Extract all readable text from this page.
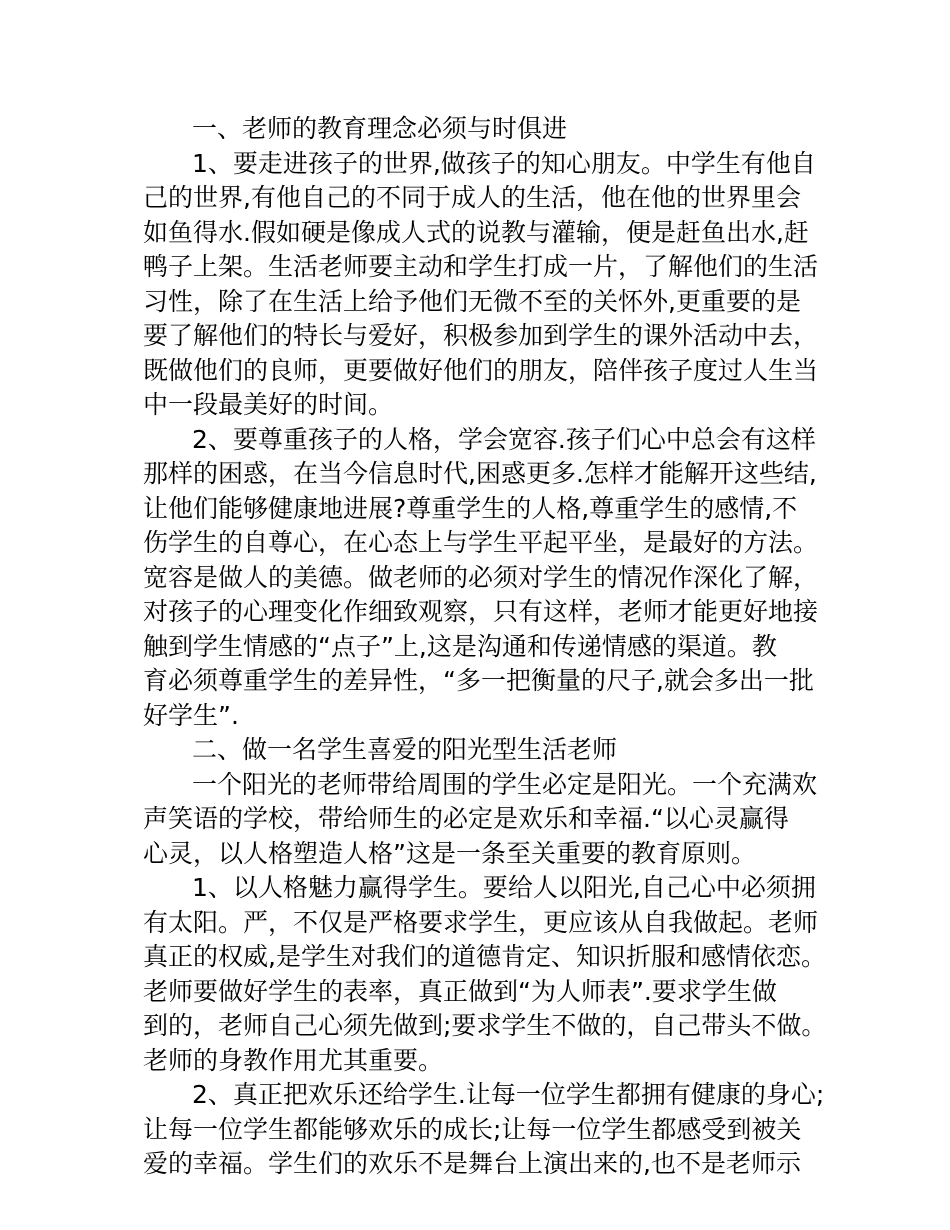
一、老师的教育理念必须与时俱进
1、要走进孩子的世界,做孩子的知心朋友。中学生有他自
己的世界,有他自己的不同于成人的生活，他在他的世界里会
如鱼得水.假如硬是像成人式的说教与灌输，便是赶鱼出水,赶
鸭子上架。生活老师要主动和学生打成一片，了解他们的生活
习性，除了在生活上给予他们无微不至的关怀外,更重要的是
要了解他们的特长与爱好，积极参加到学生的课外活动中去，
既做他们的良师，更要做好他们的朋友，陪伴孩子度过人生当
中一段最美好的时间。
2、要尊重孩子的人格，学会宽容.孩子们心中总会有这样
那样的困惑，在当今信息时代,困惑更多.怎样才能解开这些结,
让他们能够健康地进展?尊重学生的人格,尊重学生的感情,不
伤学生的自尊心，在心态上与学生平起平坐，是最好的方法。
宽容是做人的美德。做老师的必须对学生的情况作深化了解，
对孩子的心理变化作细致观察，只有这样，老师才能更好地接
触到学生情感的“点子”上,这是沟通和传递情感的渠道。教
育必须尊重学生的差异性，“多一把衡量的尺子,就会多出一批
好学生”.
二、做一名学生喜爱的阳光型生活老师
一个阳光的老师带给周围的学生必定是阳光。一个充满欢
声笑语的学校，带给师生的必定是欢乐和幸福.“以心灵赢得
心灵，以人格塑造人格”这是一条至关重要的教育原则。
1、以人格魅力赢得学生。要给人以阳光,自己心中必须拥
有太阳。严，不仅是严格要求学生，更应该从自我做起。老师
真正的权威,是学生对我们的道德肯定、知识折服和感情依恋。
老师要做好学生的表率，真正做到“为人师表”.要求学生做
到的，老师自己心须先做到;要求学生不做的，自己带头不做。
老师的身教作用尤其重要。
2、真正把欢乐还给学生.让每一位学生都拥有健康的身心;
让每一位学生都能够欢乐的成长;让每一位学生都感受到被关
爱的幸福。学生们的欢乐不是舞台上演出来的,也不是老师示
